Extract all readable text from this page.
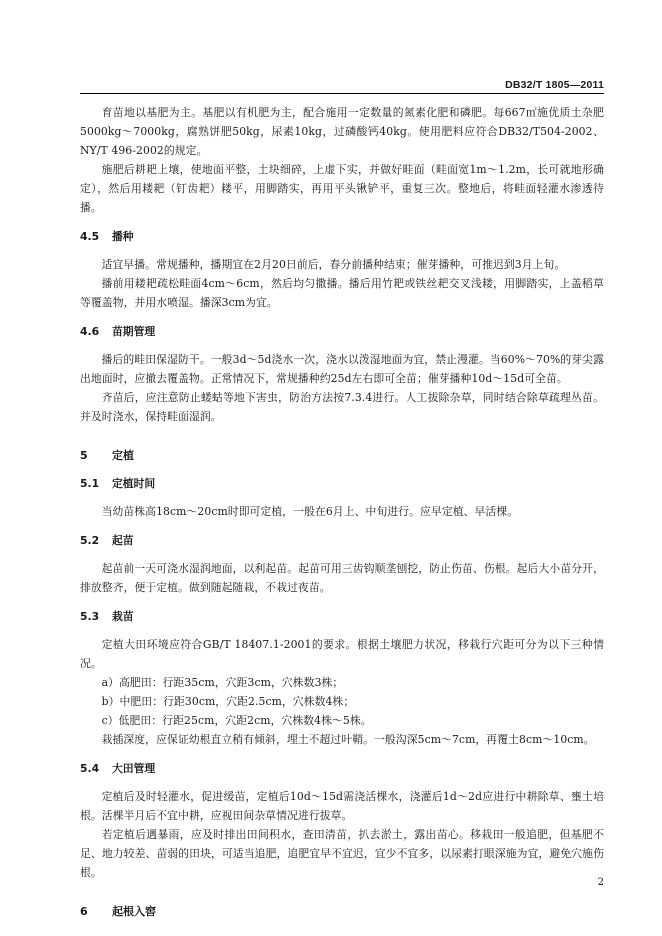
DB32/T 1805—2011

育苗地以基肥为主。基肥以有机肥为主，配合施用一定数量的氮素化肥和磷肥。每667㎡施优质土杂肥5000kg～7000kg，腐熟饼肥50kg，尿素10kg，过磷酸钙40kg。使用肥料应符合DB32/T504-2002、NY/T 496-2002的规定。

施肥后耕耙上壤，使地面平整，土块细碎，上虚下实，并做好畦面（畦面宽1m～1.2m，长可就地形确定），然后用耧耙（钉齿耙）耧平，用脚踏实，再用平头锹铲平，重复三次。整地后，将畦面轻灌水渗透待播。

4.5 播种

适宜早播。常规播种，播期宜在2月20日前后，春分前播种结束；催芽播种，可推迟到3月上旬。

播前用耧耙疏松畦面4cm～6cm，然后均匀撒播。播后用竹耙或铁丝耙交叉浅耧，用脚踏实，上盖稻草等覆盖物，并用水喷湿。播深3cm为宜。

4.6 苗期管理

播后的畦田保湿防干。一般3d～5d浇水一次，浇水以泼湿地面为宜，禁止漫灌。当60%～70%的芽尖露出地面时，应撤去覆盖物。正常情况下，常规播种约25d左右即可全苗；催芽播种10d～15d可全苗。

齐苗后，应注意防止蝼蛄等地下害虫，防治方法按7.3.4进行。人工拔除杂草，同时结合除草疏理丛苗。并及时浇水，保持畦面湿润。

5 定植
5.1 定植时间

当幼苗株高18cm～20cm时即可定植，一般在6月上、中旬进行。应早定植、早活棵。

5.2 起苗

起苗前一天可浇水湿润地面，以利起苗。起苗可用三齿钩顺垄刨挖，防止伤苗、伤根。起后大小苗分开，排放整齐，便于定植。做到随起随栽，不栽过夜苗。

5.3 栽苗

定植大田环境应符合GB/T 18407.1-2001的要求。根据土壤肥力状况，移栽行穴距可分为以下三种情况。

a）高肥田：行距35cm，穴距3cm，穴株数3株；

b）中肥田：行距30cm，穴距2.5cm，穴株数4株；

c）低肥田：行距25cm，穴距2cm，穴株数4株～5株。

栽插深度，应保证幼根直立稍有倾斜，埋土不超过叶鞘。一般沟深5cm～7cm，再覆土8cm～10cm。

5.4 大田管理

定植后及时轻灌水，促进缓苗，定植后10d～15d需浇活棵水，浇灌后1d～2d应进行中耕除草、壅土培根。活棵半月后不宜中耕，应视田间杂草情况进行拔草。

若定植后遇暴雨，应及时排出田间积水，查田清苗，扒去淤土，露出苗心。移栽田一般追肥，但基肥不足、地力较差、苗弱的田块，可适当追肥，追肥宜早不宜迟，宜少不宜多，以尿素打眼深施为宜，避免穴施伤根。

6 起根入窖
2
